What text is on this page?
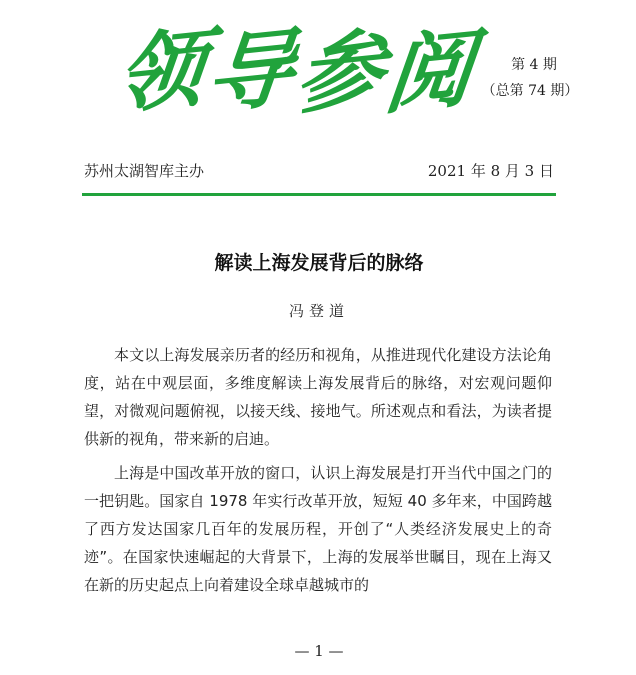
领
导
参
阅	第 4 期
（总第 74 期）
苏州太湖智库主办	2021 年 8 月 3 日
解读上海发展背后的脉络
冯登道

本文以上海发展亲历者的经历和视角，从推进现代化建设方法论角度，站在中观层面，多维度解读上海发展背后的脉络，对宏观问题仰望，对微观问题俯视，以接天线、接地气。所述观点和看法，为读者提供新的视角，带来新的启迪。

上海是中国改革开放的窗口，认识上海发展是打开当代中国之门的一把钥匙。国家自 1978 年实行改革开放，短短 40 多年来，中国跨越了西方发达国家几百年的发展历程，开创了“人类经济发展史上的奇迹”。在国家快速崛起的大背景下，上海的发展举世瞩目，现在上海又在新的历史起点上向着建设全球卓越城市的

— 1 —
